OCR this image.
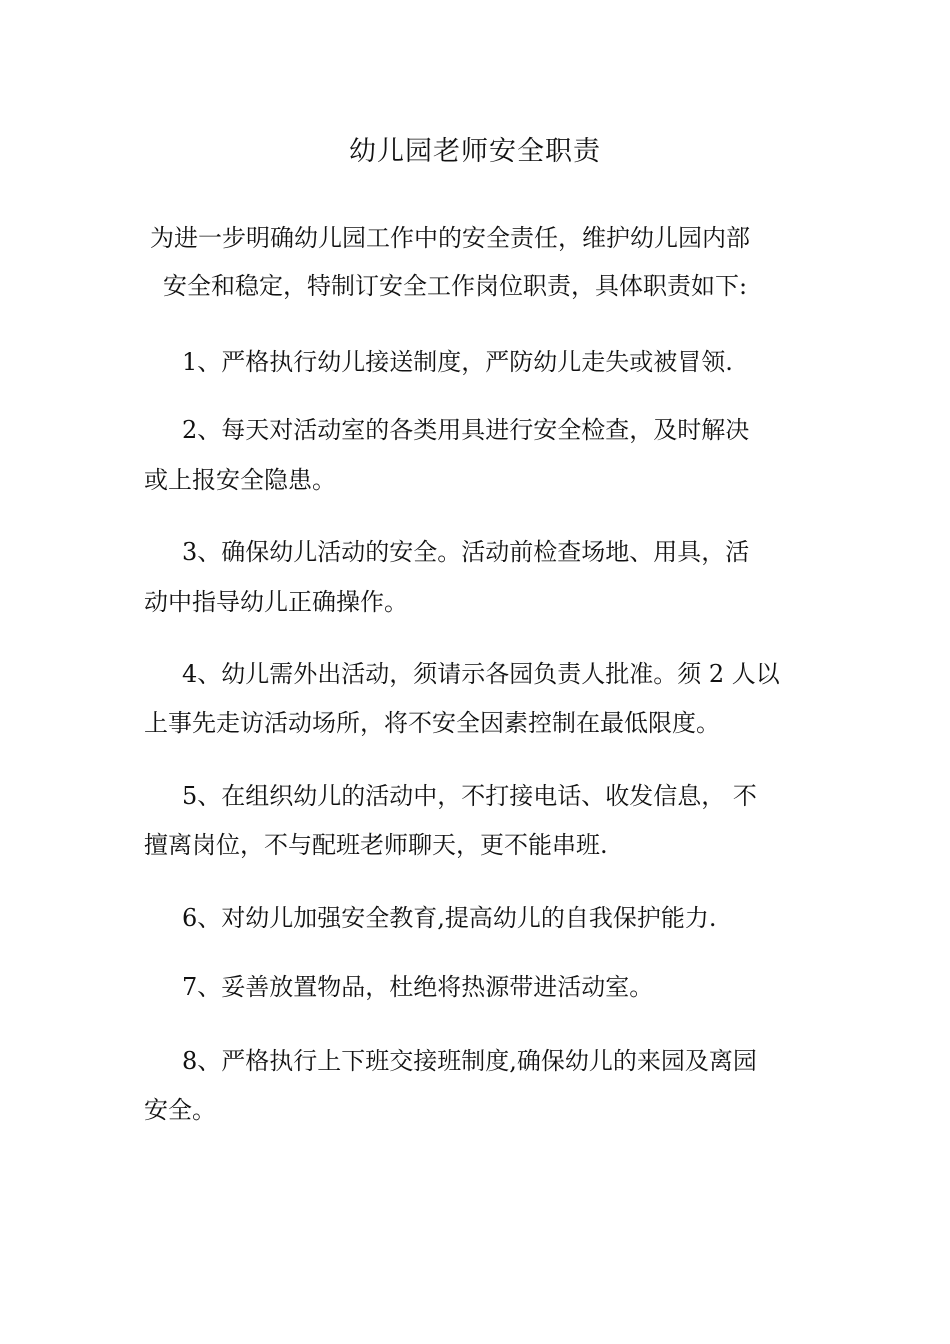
幼儿园老师安全职责

为进一步明确幼儿园工作中的安全责任，维护幼儿园内部

安全和稳定，特制订安全工作岗位职责，具体职责如下:

1、严格执行幼儿接送制度，严防幼儿走失或被冒领.

2、每天对活动室的各类用具进行安全检查，及时解决

或上报安全隐患。

3、确保幼儿活动的安全。活动前检查场地、用具，活

动中指导幼儿正确操作。

4、幼儿需外出活动，须请示各园负责人批准。须 2 人以

上事先走访活动场所，将不安全因素控制在最低限度。

5、在组织幼儿的活动中，不打接电话、收发信息， 不

擅离岗位，不与配班老师聊天，更不能串班.

6、对幼儿加强安全教育,提高幼儿的自我保护能力.

7、妥善放置物品，杜绝将热源带进活动室。

8、严格执行上下班交接班制度,确保幼儿的来园及离园

安全。
